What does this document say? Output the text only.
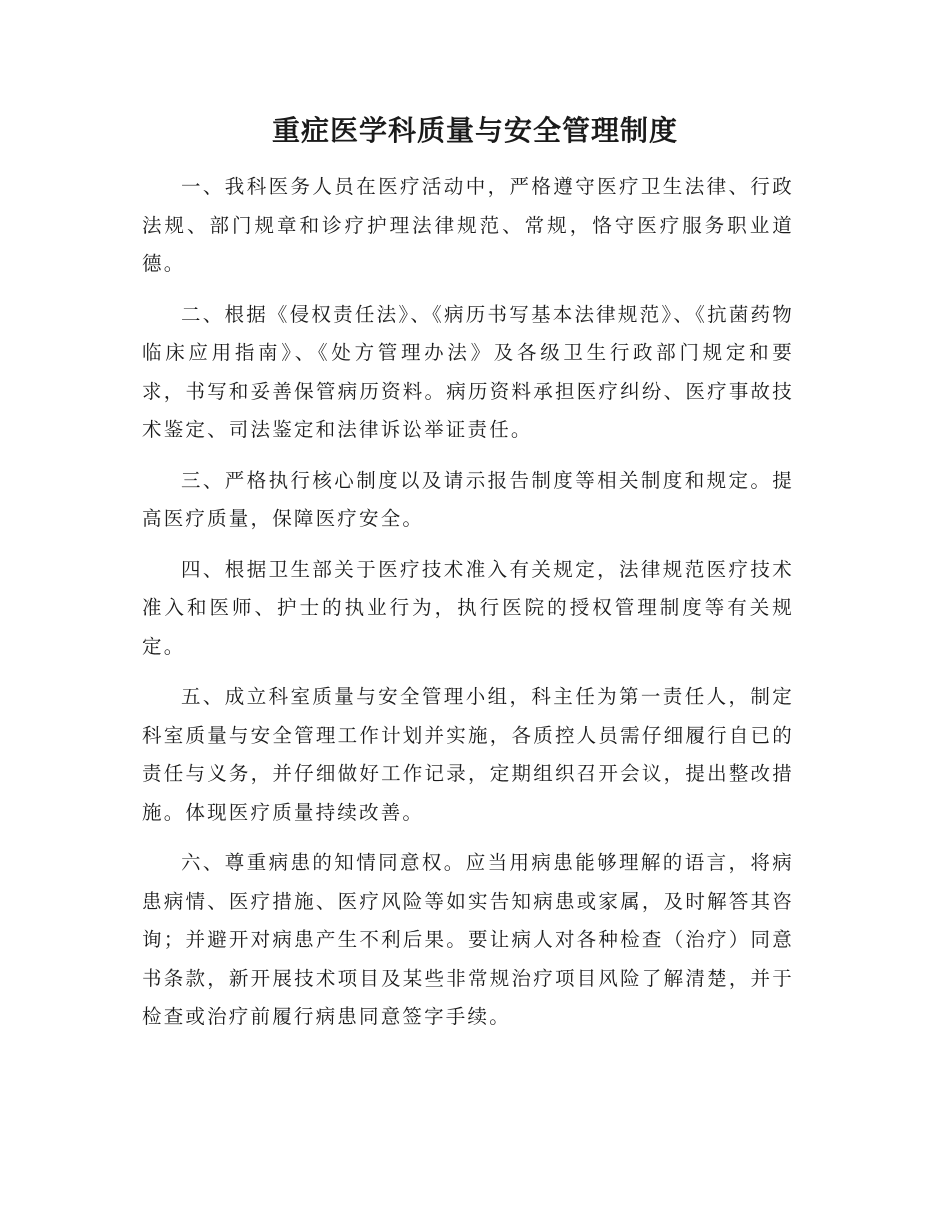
重症医学科质量与安全管理制度

一、我科医务人员在医疗活动中，严格遵守医疗卫生法律、行政法规、部门规章和诊疗护理法律规范、常规，恪守医疗服务职业道德。

二、根据《侵权责任法》、《病历书写基本法律规范》、《抗菌药物临床应用指南》、《处方管理办法》及各级卫生行政部门规定和要求，书写和妥善保管病历资料。病历资料承担医疗纠纷、医疗事故技术鉴定、司法鉴定和法律诉讼举证责任。

三、严格执行核心制度以及请示报告制度等相关制度和规定。提高医疗质量，保障医疗安全。

四、根据卫生部关于医疗技术准入有关规定，法律规范医疗技术准入和医师、护士的执业行为，执行医院的授权管理制度等有关规定。

五、成立科室质量与安全管理小组，科主任为第一责任人，制定科室质量与安全管理工作计划并实施，各质控人员需仔细履行自已的责任与义务，并仔细做好工作记录，定期组织召开会议，提出整改措施。体现医疗质量持续改善。

六、尊重病患的知情同意权。应当用病患能够理解的语言，将病患病情、医疗措施、医疗风险等如实告知病患或家属，及时解答其咨询；并避开对病患产生不利后果。要让病人对各种检查（治疗）同意书条款，新开展技术项目及某些非常规治疗项目风险了解清楚，并于检查或治疗前履行病患同意签字手续。
